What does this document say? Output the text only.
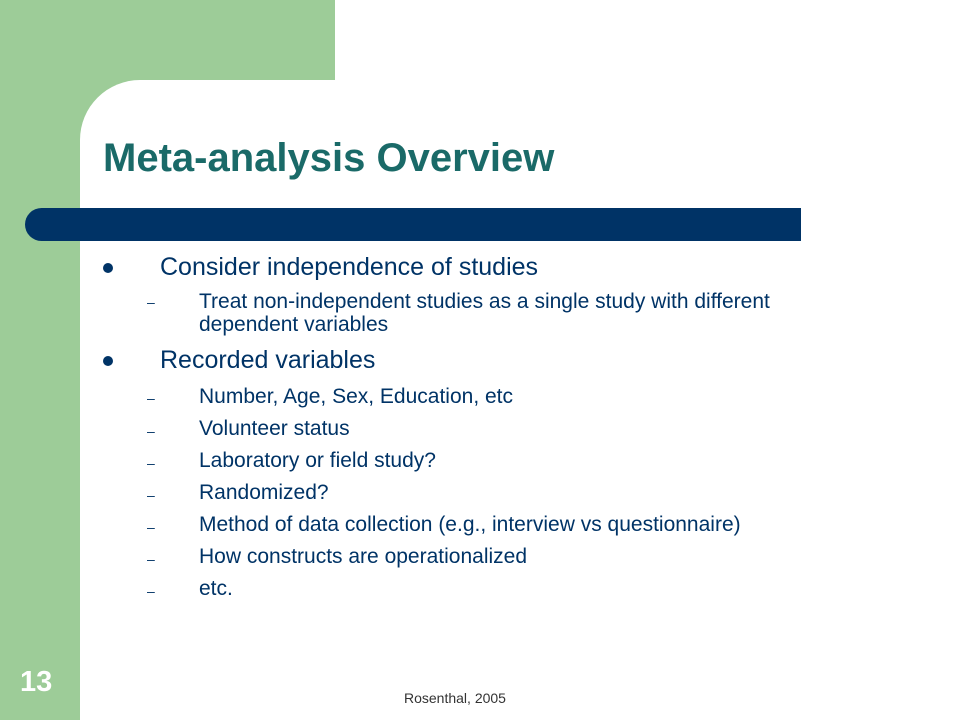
Meta-analysis Overview
Consider independence of studies
– Treat non-independent studies as a single study with different dependent variables
Recorded variables
– Number, Age, Sex, Education, etc
– Volunteer status
– Laboratory or field study?
– Randomized?
– Method of data collection (e.g., interview vs questionnaire)
– How constructs are operationalized
– etc.
13	Rosenthal, 2005
